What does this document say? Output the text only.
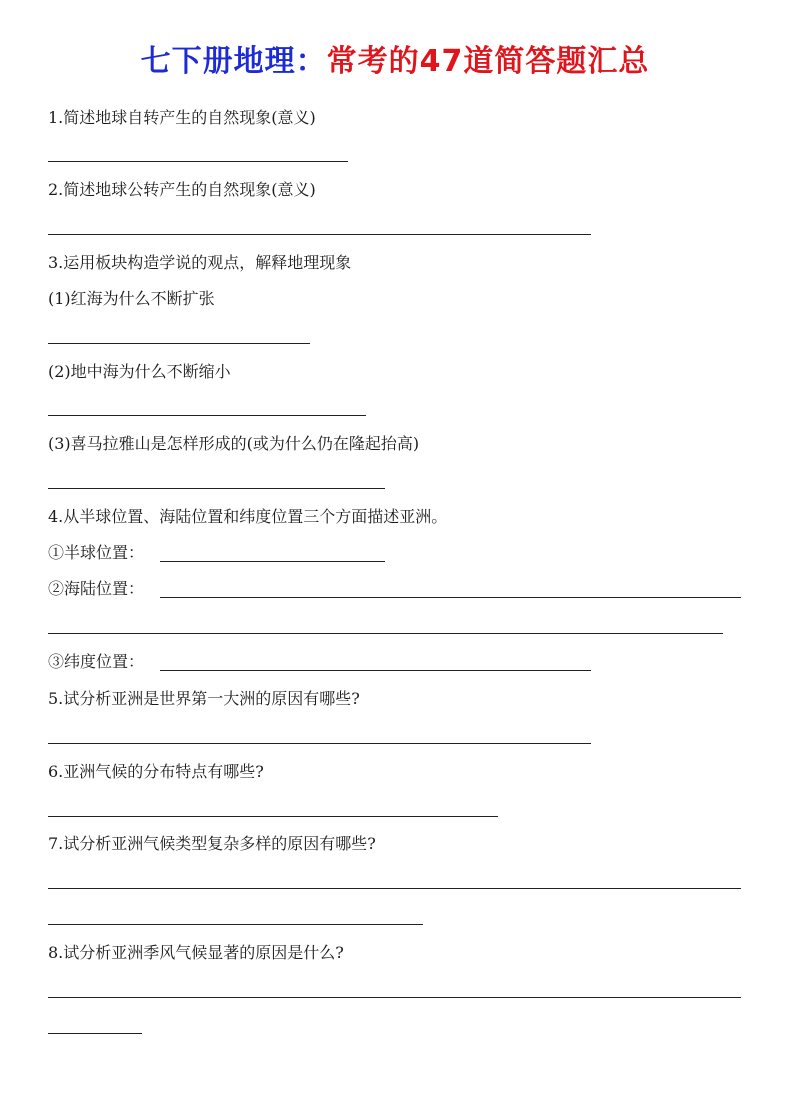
七下册地理：常考的47道简答题汇总
1.简述地球自转产生的自然现象(意义)
2.简述地球公转产生的自然现象(意义)
3.运用板块构造学说的观点，解释地理现象
(1)红海为什么不断扩张
(2)地中海为什么不断缩小
(3)喜马拉雅山是怎样形成的(或为什么仍在隆起抬高)
4.从半球位置、海陆位置和纬度位置三个方面描述亚洲。
①半球位置：
②海陆位置：
③纬度位置：
5.试分析亚洲是世界第一大洲的原因有哪些?
6.亚洲气候的分布特点有哪些?
7.试分析亚洲气候类型复杂多样的原因有哪些?
8.试分析亚洲季风气候显著的原因是什么?
